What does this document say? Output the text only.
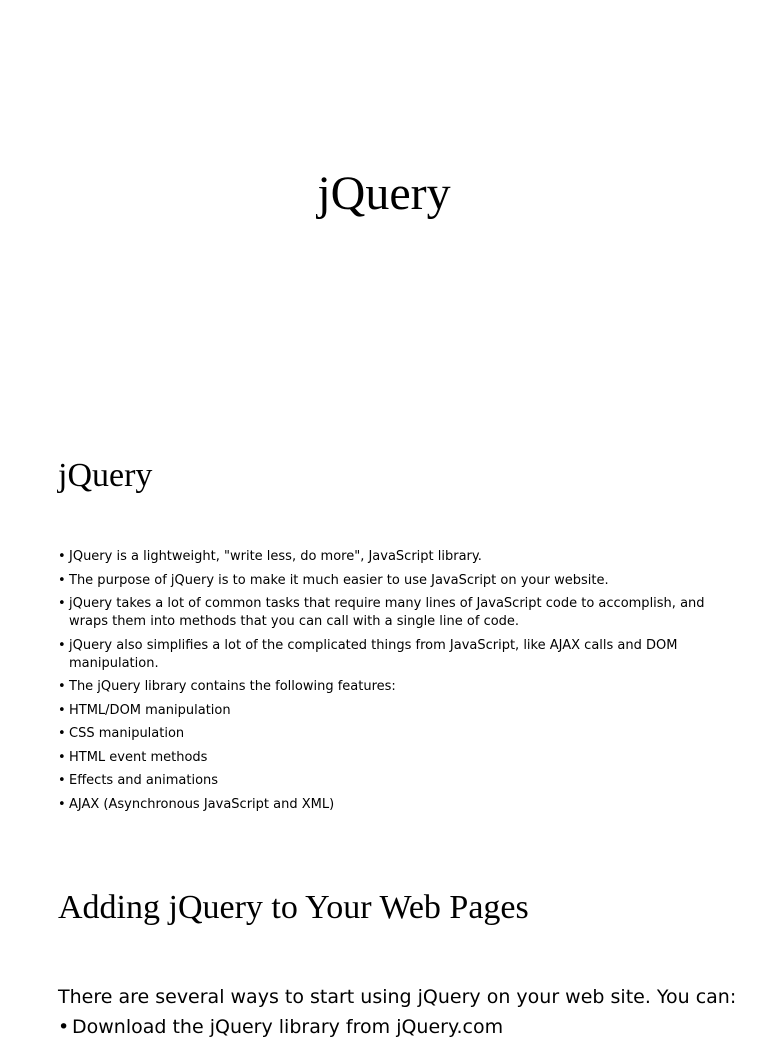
jQuery
jQuery
• JQuery is a lightweight, "write less, do more", JavaScript library.
• The purpose of jQuery is to make it much easier to use JavaScript on your website.
• jQuery takes a lot of common tasks that require many lines of JavaScript code to accomplish, and wraps them into methods that you can call with a single line of code.
• jQuery also simplifies a lot of the complicated things from JavaScript, like AJAX calls and DOM manipulation.
• The jQuery library contains the following features:
• HTML/DOM manipulation
• CSS manipulation
• HTML event methods
• Effects and animations
• AJAX (Asynchronous JavaScript and XML)
Adding jQuery to Your Web Pages

There are several ways to start using jQuery on your web site. You can:

• Download the jQuery library from jQuery.com
